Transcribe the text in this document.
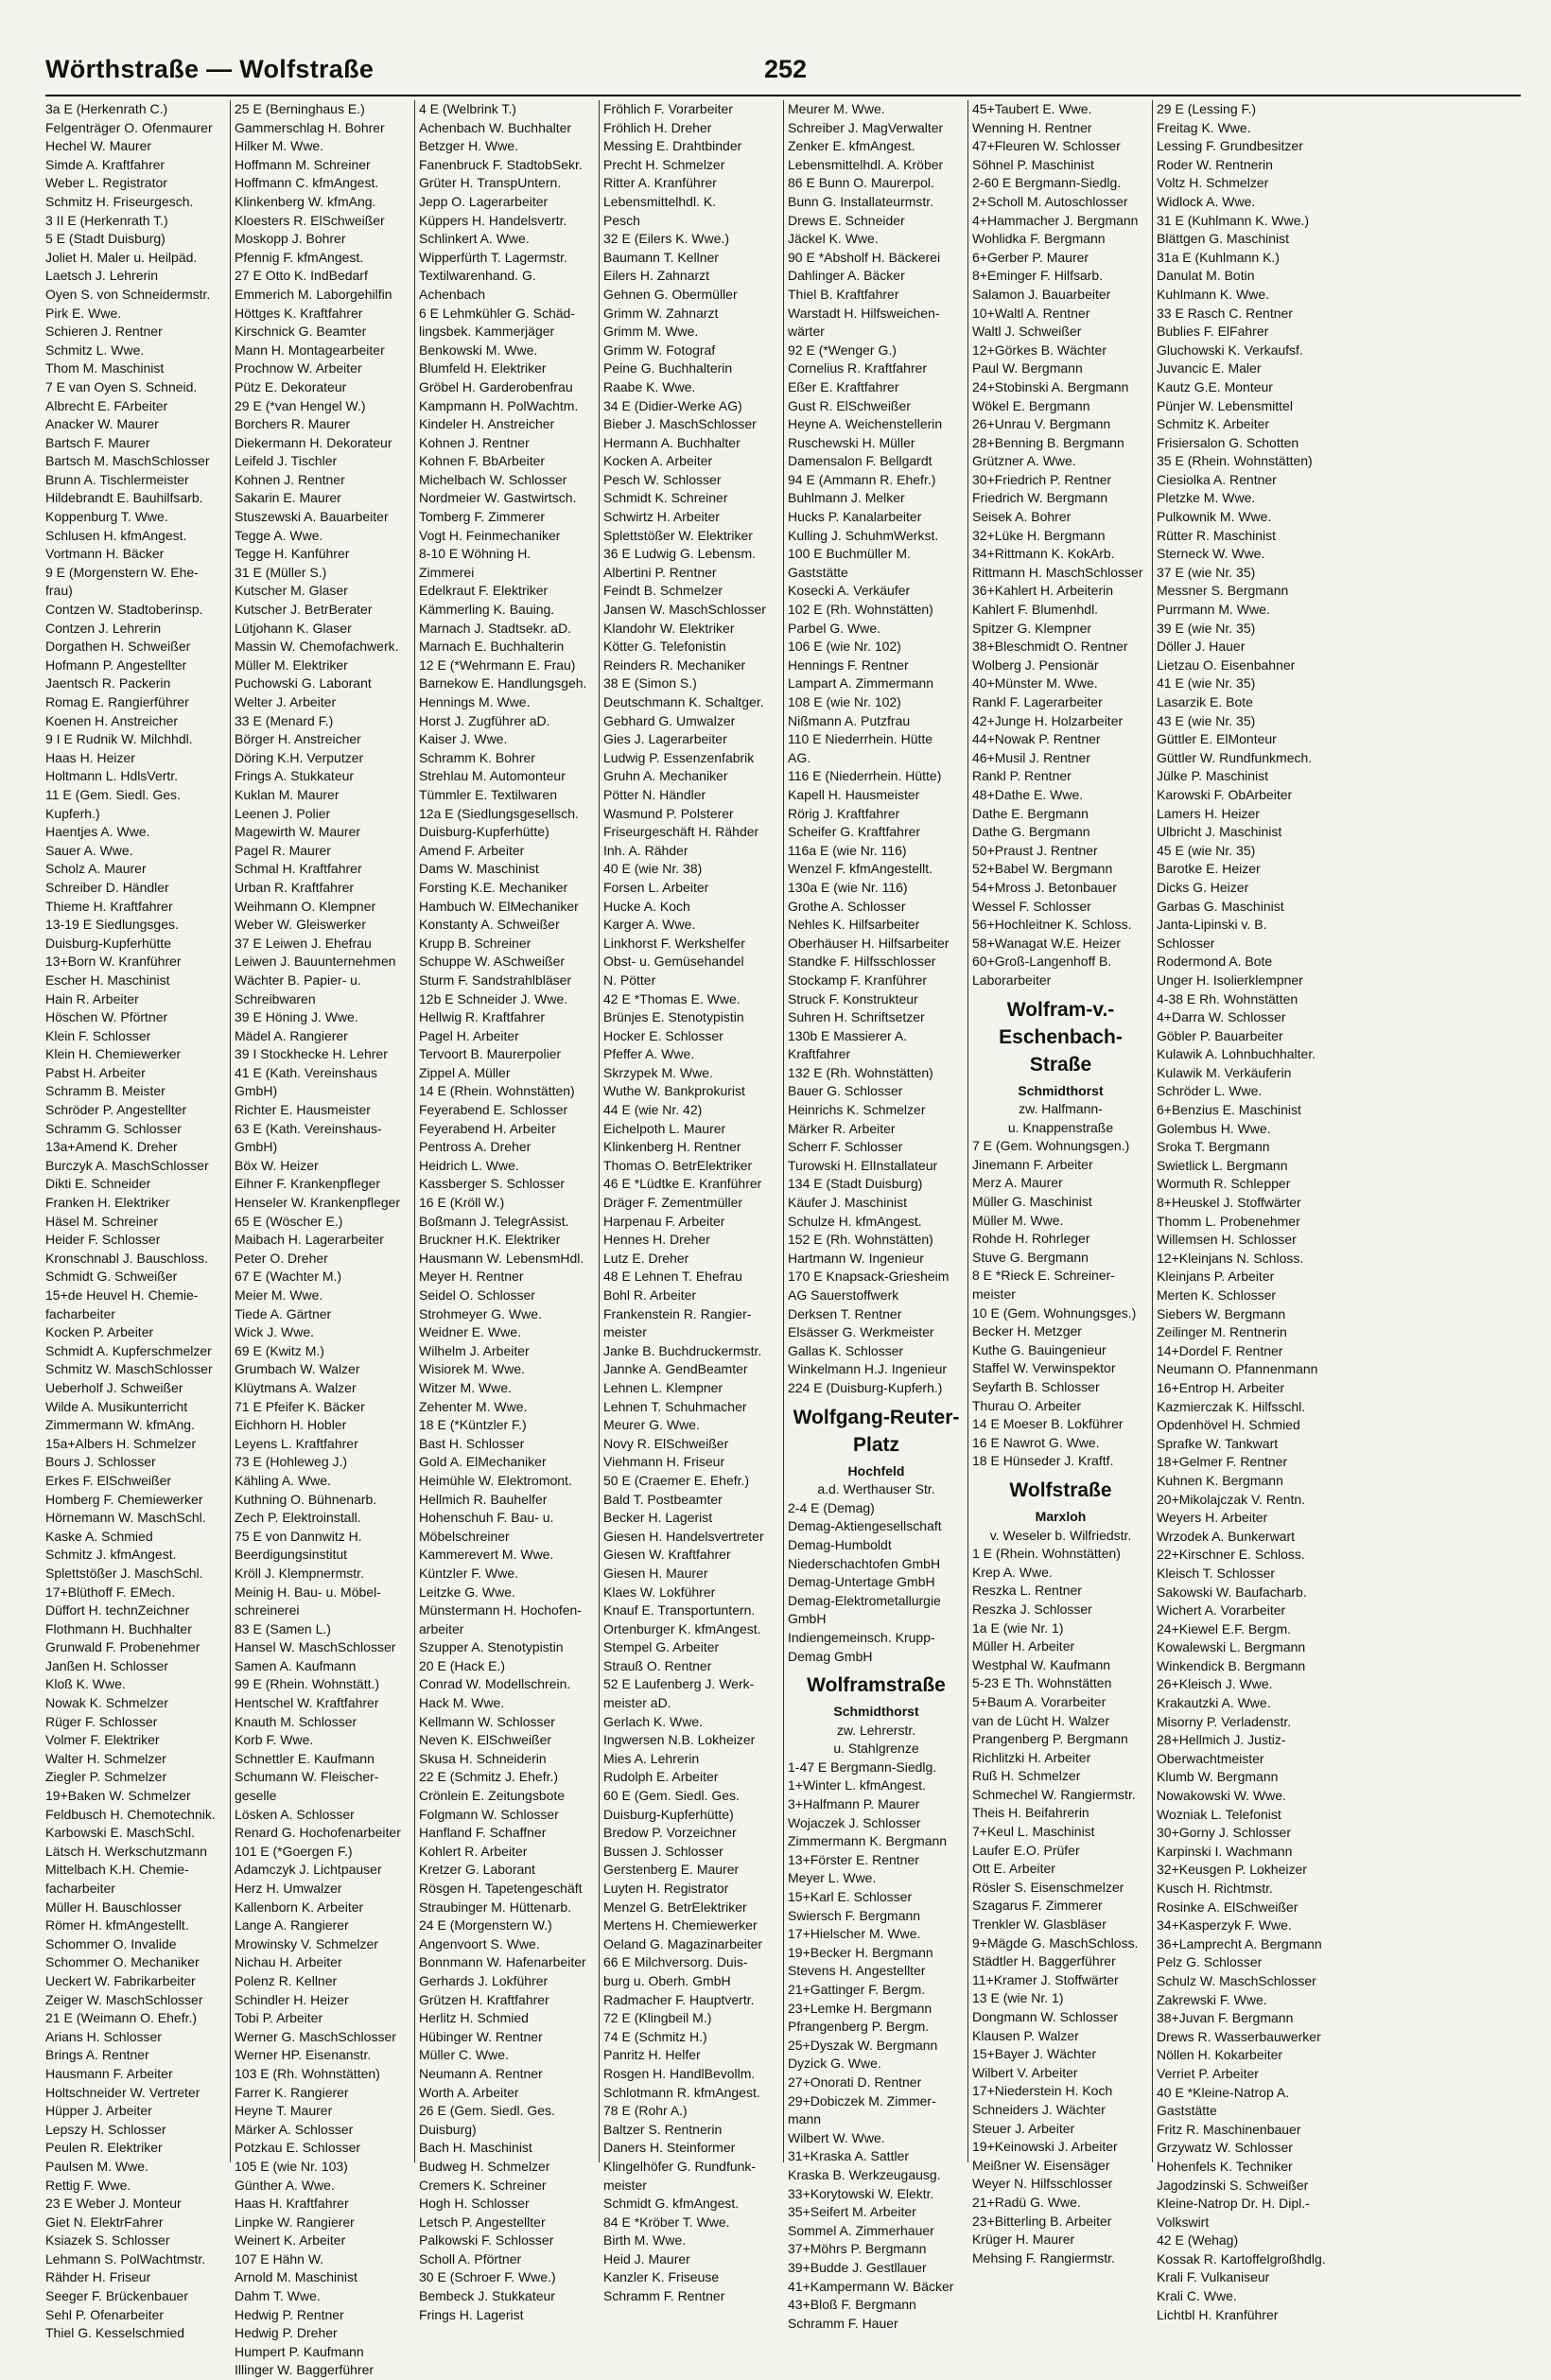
Wörthstraße — Wolfstraße	252
3a E (Herkenrath C.)
Felgenträger O. Ofenmaurer
Hechel W. Maurer
Simde A. Kraftfahrer
Weber L. Registrator
Schmitz H. Friseurgesch.
3 II E (Herkenrath T.)
5 E (Stadt Duisburg)
Joliet H. Maler u. Heilpäd.
Laetsch J. Lehrerin
Oyen S. von Schneidermstr.
Pirk E. Wwe.
Schieren J. Rentner
Schmitz L. Wwe.
Thom M. Maschinist
7 E van Oyen S. Schneid.
Albrecht E. FArbeiter
Anacker W. Maurer
Bartsch F. Maurer
Bartsch M. MaschSchlosser
Brunn A. Tischlermeister
Hildebrandt E. Bauhilfsarb.
Koppenburg T. Wwe.
Schlusen H. kfmAngest.
Vortmann H. Bäcker
9 E (Morgenstern W. Ehe-
frau)
Contzen W. Stadtoberinsp.
Contzen J. Lehrerin
Dorgathen H. Schweißer
Hofmann P. Angestellter
Jaentsch R. Packerin
Romag E. Rangierführer
Koenen H. Anstreicher
9 I E Rudnik W. Milchhdl.
Haas H. Heizer
Holtmann L. HdlsVertr.
11 E (Gem. Siedl. Ges.
Kupferh.)
Haentjes A. Wwe.
Sauer A. Wwe.
Scholz A. Maurer
Schreiber D. Händler
Thieme H. Kraftfahrer
13-19 E Siedlungsges.
Duisburg-Kupferhütte
13+Born W. Kranführer
Escher H. Maschinist
Hain R. Arbeiter
Höschen W. Pförtner
Klein F. Schlosser
Klein H. Chemiewerker
Pabst H. Arbeiter
Schramm B. Meister
Schröder P. Angestellter
Schramm G. Schlosser
13a+Amend K. Dreher
Burczyk A. MaschSchlosser
Dikti E. Schneider
Franken H. Elektriker
Häsel M. Schreiner
Heider F. Schlosser
Kronschnabl J. Bauschloss.
Schmidt G. Schweißer
15+de Heuvel H. Chemie-
facharbeiter
Kocken P. Arbeiter
Schmidt A. Kupferschmelzer
Schmitz W. MaschSchlosser
Ueberholf J. Schweißer
Wilde A. Musikunterricht
Zimmermann W. kfmAng.
15a+Albers H. Schmelzer
Bours J. Schlosser
Erkes F. ElSchweißer
Homberg F. Chemiewerker
Hörnemann W. MaschSchl.
Kaske A. Schmied
Schmitz J. kfmAngest.
Splettstößer J. MaschSchl.
17+Blüthoff F. EMech.
Düffort H. technZeichner
Flothmann H. Buchhalter
Grunwald F. Probenehmer
Janßen H. Schlosser
Kloß K. Wwe.
Nowak K. Schmelzer
Rüger F. Schlosser
Volmer F. Elektriker
Walter H. Schmelzer
Ziegler P. Schmelzer
19+Baken W. Schmelzer
Feldbusch H. Chemotechnik.
Karbowski E. MaschSchl.
Lätsch H. Werkschutzmann
Mittelbach K.H. Chemie-
facharbeiter
Müller H. Bauschlosser
Römer H. kfmAngestellt.
Schommer O. Invalide
Schommer O. Mechaniker
Ueckert W. Fabrikarbeiter
Zeiger W. MaschSchlosser
21 E (Weimann O. Ehefr.)
Arians H. Schlosser
Brings A. Rentner
Hausmann F. Arbeiter
Holtschneider W. Vertreter
Hüpper J. Arbeiter
Lepszy H. Schlosser
Peulen R. Elektriker
Paulsen M. Wwe.
Rettig F. Wwe.
23 E Weber J. Monteur
Giet N. ElektrFahrer
Ksiazek S. Schlosser
Lehmann S. PolWachtmstr.
Rähder H. Friseur
Seeger F. Brückenbauer
Sehl P. Ofenarbeiter
Thiel G. Kesselschmied
25 E (Berninghaus E.)
Gammerschlag H. Bohrer
Hilker M. Wwe.
Hoffmann M. Schreiner
Hoffmann C. kfmAngest.
Klinkenberg W. kfmAng.
Kloesters R. ElSchweißer
Moskopp J. Bohrer
Pfennig F. kfmAngest.
27 E Otto K. IndBedarf
Emmerich M. Laborgehilfin
Höttges K. Kraftfahrer
Kirschnick G. Beamter
Mann H. Montagearbeiter
Prochnow W. Arbeiter
Pütz E. Dekorateur
29 E (*van Hengel W.)
Borchers R. Maurer
Diekermann H. Dekorateur
Leifeld J. Tischler
Kohnen J. Rentner
Sakarin E. Maurer
Stuszewski A. Bauarbeiter
Tegge A. Wwe.
Tegge H. Kanführer
31 E (Müller S.)
Kutscher M. Glaser
Kutscher J. BetrBerater
Lütjohann K. Glaser
Massin W. Chemofachwerk.
Müller M. Elektriker
Puchowski G. Laborant
Welter J. Arbeiter
33 E (Menard F.)
Börger H. Anstreicher
Döring K.H. Verputzer
Frings A. Stukkateur
Kuklan M. Maurer
Leenen J. Polier
Magewirth W. Maurer
Pagel R. Maurer
Schmal H. Kraftfahrer
Urban R. Kraftfahrer
Weihmann O. Klempner
Weber W. Gleiswerker
37 E Leiwen J. Ehefrau
Leiwen J. Bauunternehmen
Wächter B. Papier- u.
Schreibwaren
39 E Höning J. Wwe.
Mädel A. Rangierer
39 I Stockhecke H. Lehrer
41 E (Kath. Vereinshaus
GmbH)
Richter E. Hausmeister
63 E (Kath. Vereinshaus-
GmbH)
Böx W. Heizer
Eihner F. Krankenpfleger
Henseler W. Krankenpfleger
65 E (Wöscher E.)
Maibach H. Lagerarbeiter
Peter O. Dreher
67 E (Wachter M.)
Meier M. Wwe.
Tiede A. Gärtner
Wick J. Wwe.
69 E (Kwitz M.)
Grumbach W. Walzer
Klüytmans A. Walzer
71 E Pfeifer K. Bäcker
Eichhorn H. Hobler
Leyens L. Kraftfahrer
73 E (Hohleweg J.)
Kähling A. Wwe.
Kuthning O. Bühnenarb.
Zech P. Elektroinstall.
75 E von Dannwitz H.
Beerdigungsinstitut
Kröll J. Klempnermstr.
Meinig H. Bau- u. Möbel-
schreinerei
83 E (Samen L.)
Hansel W. MaschSchlosser
Samen A. Kaufmann
99 E (Rhein. Wohnstätt.)
Hentschel W. Kraftfahrer
Knauth M. Schlosser
Korb F. Wwe.
Schnettler E. Kaufmann
Schumann W. Fleischer-
geselle
Lösken A. Schlosser
Renard G. Hochofenarbeiter
101 E (*Goergen F.)
Adamczyk J. Lichtpauser
Herz H. Umwalzer
Kallenborn K. Arbeiter
Lange A. Rangierer
Mrowinsky V. Schmelzer
Nichau H. Arbeiter
Polenz R. Kellner
Schindler H. Heizer
Tobi P. Arbeiter
Werner G. MaschSchlosser
Werner HP. Eisenanstr.
103 E (Rh. Wohnstätten)
Farrer K. Rangierer
Heyne T. Maurer
Märker A. Schlosser
Potzkau E. Schlosser
105 E (wie Nr. 103)
Günther A. Wwe.
Haas H. Kraftfahrer
Linpke W. Rangierer
Weinert K. Arbeiter
107 E Hähn W.
Arnold M. Maschinist
Dahm T. Wwe.
Hedwig P. Rentner
Hedwig P. Dreher
Humpert P. Kaufmann
Illinger W. Baggerführer
4 E (Welbrink T.)
Achenbach W. Buchhalter
Betzger H. Wwe.
Fanenbruck F. StadtobSekr.
Grüter H. TranspUntern.
Jepp O. Lagerarbeiter
Küppers H. Handelsvertr.
Schlinkert A. Wwe.
Wipperfürth T. Lagermstr.
Textilwarenhand. G.
Achenbach
6 E Lehmkühler G. Schäd-
lingsbek. Kammerjäger
Benkowski M. Wwe.
Blumfeld H. Elektriker
Gröbel H. Garderobenfrau
Kampmann H. PolWachtm.
Kindeler H. Anstreicher
Kohnen J. Rentner
Kohnen F. BbArbeiter
Michelbach W. Schlosser
Nordmeier W. Gastwirtsch.
Tomberg F. Zimmerer
Vogt H. Feinmechaniker
8-10 E Wöhning H.
Zimmerei
Edelkraut F. Elektriker
Kämmerling K. Bauing.
Marnach J. Stadtsekr. aD.
Marnach E. Buchhalterin
12 E (*Wehrmann E. Frau)
Barnekow E. Handlungsgeh.
Hennings M. Wwe.
Horst J. Zugführer aD.
Kaiser J. Wwe.
Schramm K. Bohrer
Strehlau M. Automonteur
Tümmler E. Textilwaren
12a E (Siedlungsgesellsch.
Duisburg-Kupferhütte)
Amend F. Arbeiter
Dams W. Maschinist
Forsting K.E. Mechaniker
Hambuch W. ElMechaniker
Konstanty A. Schweißer
Krupp B. Schreiner
Schuppe W. ASchweißer
Sturm F. Sandstrahlbläser
12b E Schneider J. Wwe.
Hellwig R. Kraftfahrer
Pagel H. Arbeiter
Tervoort B. Maurerpolier
Zippel A. Müller
14 E (Rhein. Wohnstätten)
Feyerabend E. Schlosser
Feyerabend H. Arbeiter
Pentross A. Dreher
Heidrich L. Wwe.
Kassberger S. Schlosser
16 E (Kröll W.)
Boßmann J. TelegrAssist.
Bruckner H.K. Elektriker
Hausmann W. LebensmHdl.
Meyer H. Rentner
Seidel O. Schlosser
Strohmeyer G. Wwe.
Weidner E. Wwe.
Wilhelm J. Arbeiter
Wisiorek M. Wwe.
Witzer M. Wwe.
Zehenter M. Wwe.
18 E (*Küntzler F.)
Bast H. Schlosser
Gold A. ElMechaniker
Heimühle W. Elektromont.
Hellmich R. Bauhelfer
Hohenschuh F. Bau- u.
Möbelschreiner
Kammerevert M. Wwe.
Küntzler F. Wwe.
Leitzke G. Wwe.
Münstermann H. Hochofen-
arbeiter
Szupper A. Stenotypistin
20 E (Hack E.)
Conrad W. Modellschrein.
Hack M. Wwe.
Kellmann W. Schlosser
Neven K. ElSchweißer
Skusa H. Schneiderin
22 E (Schmitz J. Ehefr.)
Crönlein E. Zeitungsbote
Folgmann W. Schlosser
Hanfland F. Schaffner
Kohlert R. Arbeiter
Kretzer G. Laborant
Rösgen H. Tapetengeschäft
Straubinger M. Hüttenarb.
24 E (Morgenstern W.)
Angenvoort S. Wwe.
Bonnmann W. Hafenarbeiter
Gerhards J. Lokführer
Grützen H. Kraftfahrer
Herlitz H. Schmied
Hübinger W. Rentner
Müller C. Wwe.
Neumann A. Rentner
Worth A. Arbeiter
26 E (Gem. Siedl. Ges.
Duisburg)
Bach H. Maschinist
Budweg H. Schmelzer
Cremers K. Schreiner
Hogh H. Schlosser
Letsch P. Angestellter
Palkowski F. Schlosser
Scholl A. Pförtner
30 E (Schroer F. Wwe.)
Bembeck J. Stukkateur
Frings H. Lagerist
Fröhlich F. Vorarbeiter
Fröhlich H. Dreher
Messing E. Drahtbinder
Precht H. Schmelzer
Ritter A. Kranführer
Lebensmittelhdl. K.
Pesch
32 E (Eilers K. Wwe.)
Baumann T. Kellner
Eilers H. Zahnarzt
Gehnen G. Obermüller
Grimm W. Zahnarzt
Grimm M. Wwe.
Grimm W. Fotograf
Peine G. Buchhalterin
Raabe K. Wwe.
34 E (Didier-Werke AG)
Bieber J. MaschSchlosser
Hermann A. Buchhalter
Kocken A. Arbeiter
Pesch W. Schlosser
Schmidt K. Schreiner
Schwirtz H. Arbeiter
Splettstößer W. Elektriker
36 E Ludwig G. Lebensm.
Albertini P. Rentner
Feindt B. Schmelzer
Jansen W. MaschSchlosser
Klandohr W. Elektriker
Kötter G. Telefonistin
Reinders R. Mechaniker
38 E (Simon S.)
Deutschmann K. Schaltger.
Gebhard G. Umwalzer
Gies J. Lagerarbeiter
Ludwig P. Essenzenfabrik
Gruhn A. Mechaniker
Pötter N. Händler
Wasmund P. Polsterer
Friseurgeschäft H. Rähder
Inh. A. Rähder
40 E (wie Nr. 38)
Forsen L. Arbeiter
Hucke A. Koch
Karger A. Wwe.
Linkhorst F. Werkshelfer
Obst- u. Gemüsehandel
N. Pötter
42 E *Thomas E. Wwe.
Brünjes E. Stenotypistin
Hocker E. Schlosser
Pfeffer A. Wwe.
Skrzypek M. Wwe.
Wuthe W. Bankprokurist
44 E (wie Nr. 42)
Eichelpoth L. Maurer
Klinkenberg H. Rentner
Thomas O. BetrElektriker
46 E *Lüdtke E. Kranführer
Dräger F. Zementmüller
Harpenau F. Arbeiter
Hennes H. Dreher
Lutz E. Dreher
48 E Lehnen T. Ehefrau
Bohl R. Arbeiter
Frankenstein R. Rangier-
meister
Janke B. Buchdruckermstr.
Jannke A. GendBeamter
Lehnen L. Klempner
Lehnen T. Schuhmacher
Meurer G. Wwe.
Novy R. ElSchweißer
Viehmann H. Friseur
50 E (Craemer E. Ehefr.)
Bald T. Postbeamter
Becker H. Lagerist
Giesen H. Handelsvertreter
Giesen W. Kraftfahrer
Giesen H. Maurer
Klaes W. Lokführer
Knauf E. Transportuntern.
Ortenburger K. kfmAngest.
Stempel G. Arbeiter
Strauß O. Rentner
52 E Laufenberg J. Werk-
meister aD.
Gerlach K. Wwe.
Ingwersen N.B. Lokheizer
Mies A. Lehrerin
Rudolph E. Arbeiter
60 E (Gem. Siedl. Ges.
Duisburg-Kupferhütte)
Bredow P. Vorzeichner
Bussen J. Schlosser
Gerstenberg E. Maurer
Luyten H. Registrator
Menzel G. BetrElektriker
Mertens H. Chemiewerker
Oeland G. Magazinarbeiter
66 E Milchversorg. Duis-
burg u. Oberh. GmbH
Radmacher F. Hauptvertr.
72 E (Klingbeil M.)
74 E (Schmitz H.)
Panritz H. Helfer
Rosgen H. HandlBevollm.
Schlotmann R. kfmAngest.
78 E (Rohr A.)
Baltzer S. Rentnerin
Daners H. Steinformer
Klingelhöfer G. Rundfunk-
meister
Schmidt G. kfmAngest.
84 E *Kröber T. Wwe.
Birth M. Wwe.
Heid J. Maurer
Kanzler K. Friseuse
Schramm F. Rentner
Meurer M. Wwe.
Schreiber J. MagVerwalter
Zenker E. kfmAngest.
Lebensmittelhdl. A. Kröber
86 E Bunn O. Maurerpol.
Bunn G. Installateurmstr.
Drews E. Schneider
Jäckel K. Wwe.
90 E *Absholf H. Bäckerei
Dahlinger A. Bäcker
Thiel B. Kraftfahrer
Warstadt H. Hilfsweichen-
wärter
92 E (*Wenger G.)
Cornelius R. Kraftfahrer
Eßer E. Kraftfahrer
Gust R. ElSchweißer
Heyne A. Weichenstellerin
Ruschewski H. Müller
Damensalon F. Bellgardt
94 E (Ammann R. Ehefr.)
Buhlmann J. Melker
Hucks P. Kanalarbeiter
Kulling J. SchuhmWerkst.
100 E Buchmüller M.
Gaststätte
Kosecki A. Verkäufer
102 E (Rh. Wohnstätten)
Parbel G. Wwe.
106 E (wie Nr. 102)
Hennings F. Rentner
Lampart A. Zimmermann
108 E (wie Nr. 102)
Nißmann A. Putzfrau
110 E Niederrhein. Hütte
AG.
116 E (Niederrhein. Hütte)
Kapell H. Hausmeister
Rörig J. Kraftfahrer
Scheifer G. Kraftfahrer
116a E (wie Nr. 116)
Wenzel F. kfmAngestellt.
130a E (wie Nr. 116)
Grothe A. Schlosser
Nehles K. Hilfsarbeiter
Oberhäuser H. Hilfsarbeiter
Standke F. Hilfsschlosser
Stockamp F. Kranführer
Struck F. Konstrukteur
Suhren H. Schriftsetzer
130b E Massierer A.
Kraftfahrer
132 E (Rh. Wohnstätten)
Bauer G. Schlosser
Heinrichs K. Schmelzer
Märker R. Arbeiter
Scherr F. Schlosser
Turowski H. ElInstallateur
134 E (Stadt Duisburg)
Käufer J. Maschinist
Schulze H. kfmAngest.
152 E (Rh. Wohnstätten)
Hartmann W. Ingenieur
170 E Knapsack-Griesheim
AG Sauerstoffwerk
Derksen T. Rentner
Elsässer G. Werkmeister
Gallas K. Schlosser
Winkelmann H.J. Ingenieur
224 E (Duisburg-Kupferh.)
Wolfgang-Reuter-Platz
Hochfeld
a.d. Werthauser Str.
2-4 E (Demag)
Demag-Aktiengesellschaft
Demag-Humboldt
Niederschachtofen GmbH
Demag-Untertage GmbH
Demag-Elektrometallurgie
GmbH
Indiengemeinsch. Krupp-
Demag GmbH
Wolframstraße
Schmidthorst
zw. Lehrerstr.
u. Stahlgrenze
1-47 E Bergmann-Siedlg.
1+Winter L. kfmAngest.
3+Halfmann P. Maurer
Wojaczek J. Schlosser
Zimmermann K. Bergmann
13+Förster E. Rentner
Meyer L. Wwe.
15+Karl E. Schlosser
Swiersch F. Bergmann
17+Hielscher M. Wwe.
19+Becker H. Bergmann
Stevens H. Angestellter
21+Gattinger F. Bergm.
23+Lemke H. Bergmann
Pfrangenberg P. Bergm.
25+Dyszak W. Bergmann
Dyzick G. Wwe.
27+Onorati D. Rentner
29+Dobiczek M. Zimmer-
mann
Wilbert W. Wwe.
31+Kraska A. Sattler
Kraska B. Werkzeugausg.
33+Korytowski W. Elektr.
35+Seifert M. Arbeiter
Sommel A. Zimmerhauer
37+Möhrs P. Bergmann
39+Budde J. Gestllauer
41+Kampermann W. Bäcker
43+Bloß F. Bergmann
Schramm F. Hauer
45+Taubert E. Wwe.
Wenning H. Rentner
47+Fleuren W. Schlosser
Söhnel P. Maschinist
2-60 E Bergmann-Siedlg.
2+Scholl M. Autoschlosser
4+Hammacher J. Bergmann
Wohlidka F. Bergmann
6+Gerber P. Maurer
8+Eminger F. Hilfsarb.
Salamon J. Bauarbeiter
10+Waltl A. Rentner
Waltl J. Schweißer
12+Görkes B. Wächter
Paul W. Bergmann
24+Stobinski A. Bergmann
Wökel E. Bergmann
26+Unrau V. Bergmann
28+Benning B. Bergmann
Grützner A. Wwe.
30+Friedrich P. Rentner
Friedrich W. Bergmann
Seisek A. Bohrer
32+Lüke H. Bergmann
34+Rittmann K. KokArb.
Rittmann H. MaschSchlosser
36+Kahlert H. Arbeiterin
Kahlert F. Blumenhdl.
Spitzer G. Klempner
38+Bleschmidt O. Rentner
Wolberg J. Pensionär
40+Münster M. Wwe.
Rankl F. Lagerarbeiter
42+Junge H. Holzarbeiter
44+Nowak P. Rentner
46+Musil J. Rentner
Rankl P. Rentner
48+Dathe E. Wwe.
Dathe E. Bergmann
Dathe G. Bergmann
50+Praust J. Rentner
52+Babel W. Bergmann
54+Mross J. Betonbauer
Wessel F. Schlosser
56+Hochleitner K. Schloss.
58+Wanagat W.E. Heizer
60+Groß-Langenhoff B.
Laborarbeiter
Wolfram-v.-Eschenbach-Straße
Schmidthorst
zw. Halfmann-
u. Knappenstraße
7 E (Gem. Wohnungsgen.)
Jinemann F. Arbeiter
Merz A. Maurer
Müller G. Maschinist
Müller M. Wwe.
Rohde H. Rohrleger
Stuve G. Bergmann
8 E *Rieck E. Schreiner-
meister
10 E (Gem. Wohnungsges.)
Becker H. Metzger
Kuthe G. Bauingenieur
Staffel W. Verwinspektor
Seyfarth B. Schlosser
Thurau O. Arbeiter
14 E Moeser B. Lokführer
16 E Nawrot G. Wwe.
18 E Hünseder J. Kraftf.
Wolfstraße
Marxloh
v. Weseler b. Wilfriedstr.
1 E (Rhein. Wohnstätten)
Krep A. Wwe.
Reszka L. Rentner
Reszka J. Schlosser
1a E (wie Nr. 1)
Müller H. Arbeiter
Westphal W. Kaufmann
5-23 E Th. Wohnstätten
5+Baum A. Vorarbeiter
van de Lücht H. Walzer
Prangenberg P. Bergmann
Richlitzki H. Arbeiter
Ruß H. Schmelzer
Schmechel W. Rangiermstr.
Theis H. Beifahrerin
7+Keul L. Maschinist
Laufer E.O. Prüfer
Ott E. Arbeiter
Rösler S. Eisenschmelzer
Szagarus F. Zimmerer
Trenkler W. Glasbläser
9+Mägde G. MaschSchloss.
Städtler H. Baggerführer
11+Kramer J. Stoffwärter
13 E (wie Nr. 1)
Dongmann W. Schlosser
Klausen P. Walzer
15+Bayer J. Wächter
Wilbert V. Arbeiter
17+Niederstein H. Koch
Schneiders J. Wächter
Steuer J. Arbeiter
19+Keinowski J. Arbeiter
Meißner W. Eisensäger
Weyer N. Hilfsschlosser
21+Radü G. Wwe.
23+Bitterling B. Arbeiter
Krüger H. Maurer
Mehsing F. Rangiermstr.
29 E (Lessing F.)
Freitag K. Wwe.
Lessing F. Grundbesitzer
Roder W. Rentnerin
Voltz H. Schmelzer
Widlock A. Wwe.
31 E (Kuhlmann K. Wwe.)
Blättgen G. Maschinist
31a E (Kuhlmann K.)
Danulat M. Botin
Kuhlmann K. Wwe.
33 E Rasch C. Rentner
Bublies F. ElFahrer
Gluchowski K. Verkaufsf.
Juvancic E. Maler
Kautz G.E. Monteur
Pünjer W. Lebensmittel
Schmitz K. Arbeiter
Frisiersalon G. Schotten
35 E (Rhein. Wohnstätten)
Ciesiolka A. Rentner
Pletzke M. Wwe.
Pulkownik M. Wwe.
Rütter R. Maschinist
Sterneck W. Wwe.
37 E (wie Nr. 35)
Messner S. Bergmann
Purrmann M. Wwe.
39 E (wie Nr. 35)
Döller J. Hauer
Lietzau O. Eisenbahner
41 E (wie Nr. 35)
Lasarzik E. Bote
43 E (wie Nr. 35)
Güttler E. ElMonteur
Güttler W. Rundfunkmech.
Jülke P. Maschinist
Karowski F. ObArbeiter
Lamers H. Heizer
Ulbricht J. Maschinist
45 E (wie Nr. 35)
Barotke E. Heizer
Dicks G. Heizer
Garbas G. Maschinist
Janta-Lipinski v. B.
Schlosser
Rodermond A. Bote
Unger H. Isolierklempner
4-38 E Rh. Wohnstätten
4+Darra W. Schlosser
Göbler P. Bauarbeiter
Kulawik A. Lohnbuchhalter.
Kulawik M. Verkäuferin
Schröder L. Wwe.
6+Benzius E. Maschinist
Golembus H. Wwe.
Sroka T. Bergmann
Swietlick L. Bergmann
Wormuth R. Schlepper
8+Heuskel J. Stoffwärter
Thomm L. Probenehmer
Willemsen H. Schlosser
12+Kleinjans N. Schloss.
Kleinjans P. Arbeiter
Merten K. Schlosser
Siebers W. Bergmann
Zeilinger M. Rentnerin
14+Dordel F. Rentner
Neumann O. Pfannenmann
16+Entrop H. Arbeiter
Kazmierczak K. Hilfsschl.
Opdenhövel H. Schmied
Sprafke W. Tankwart
18+Gelmer F. Rentner
Kuhnen K. Bergmann
20+Mikolajczak V. Rentn.
Weyers H. Arbeiter
Wrzodek A. Bunkerwart
22+Kirschner E. Schloss.
Kleisch T. Schlosser
Sakowski W. Baufacharb.
Wichert A. Vorarbeiter
24+Kiewel E.F. Bergm.
Kowalewski L. Bergmann
Winkendick B. Bergmann
26+Kleisch J. Wwe.
Krakautzki A. Wwe.
Misorny P. Verladenstr.
28+Hellmich J. Justiz-
Oberwachtmeister
Klumb W. Bergmann
Nowakowski W. Wwe.
Wozniak L. Telefonist
30+Gorny J. Schlosser
Karpinski I. Wachmann
32+Keusgen P. Lokheizer
Kusch H. Richtmstr.
Rosinke A. ElSchweißer
34+Kasperzyk F. Wwe.
36+Lamprecht A. Bergmann
Pelz G. Schlosser
Schulz W. MaschSchlosser
Zakrewski F. Wwe.
38+Juvan F. Bergmann
Drews R. Wasserbauwerker
Nöllen H. Kokarbeiter
Verriet P. Arbeiter
40 E *Kleine-Natrop A.
Gaststätte
Fritz R. Maschinenbauer
Grzywatz W. Schlosser
Hohenfels K. Techniker
Jagodzinski S. Schweißer
Kleine-Natrop Dr. H. Dipl.-
Volkswirt
42 E (Wehag)
Kossak R. Kartoffelgroßhdlg.
Krali F. Vulkaniseur
Krali C. Wwe.
Lichtbl H. Kranführer
